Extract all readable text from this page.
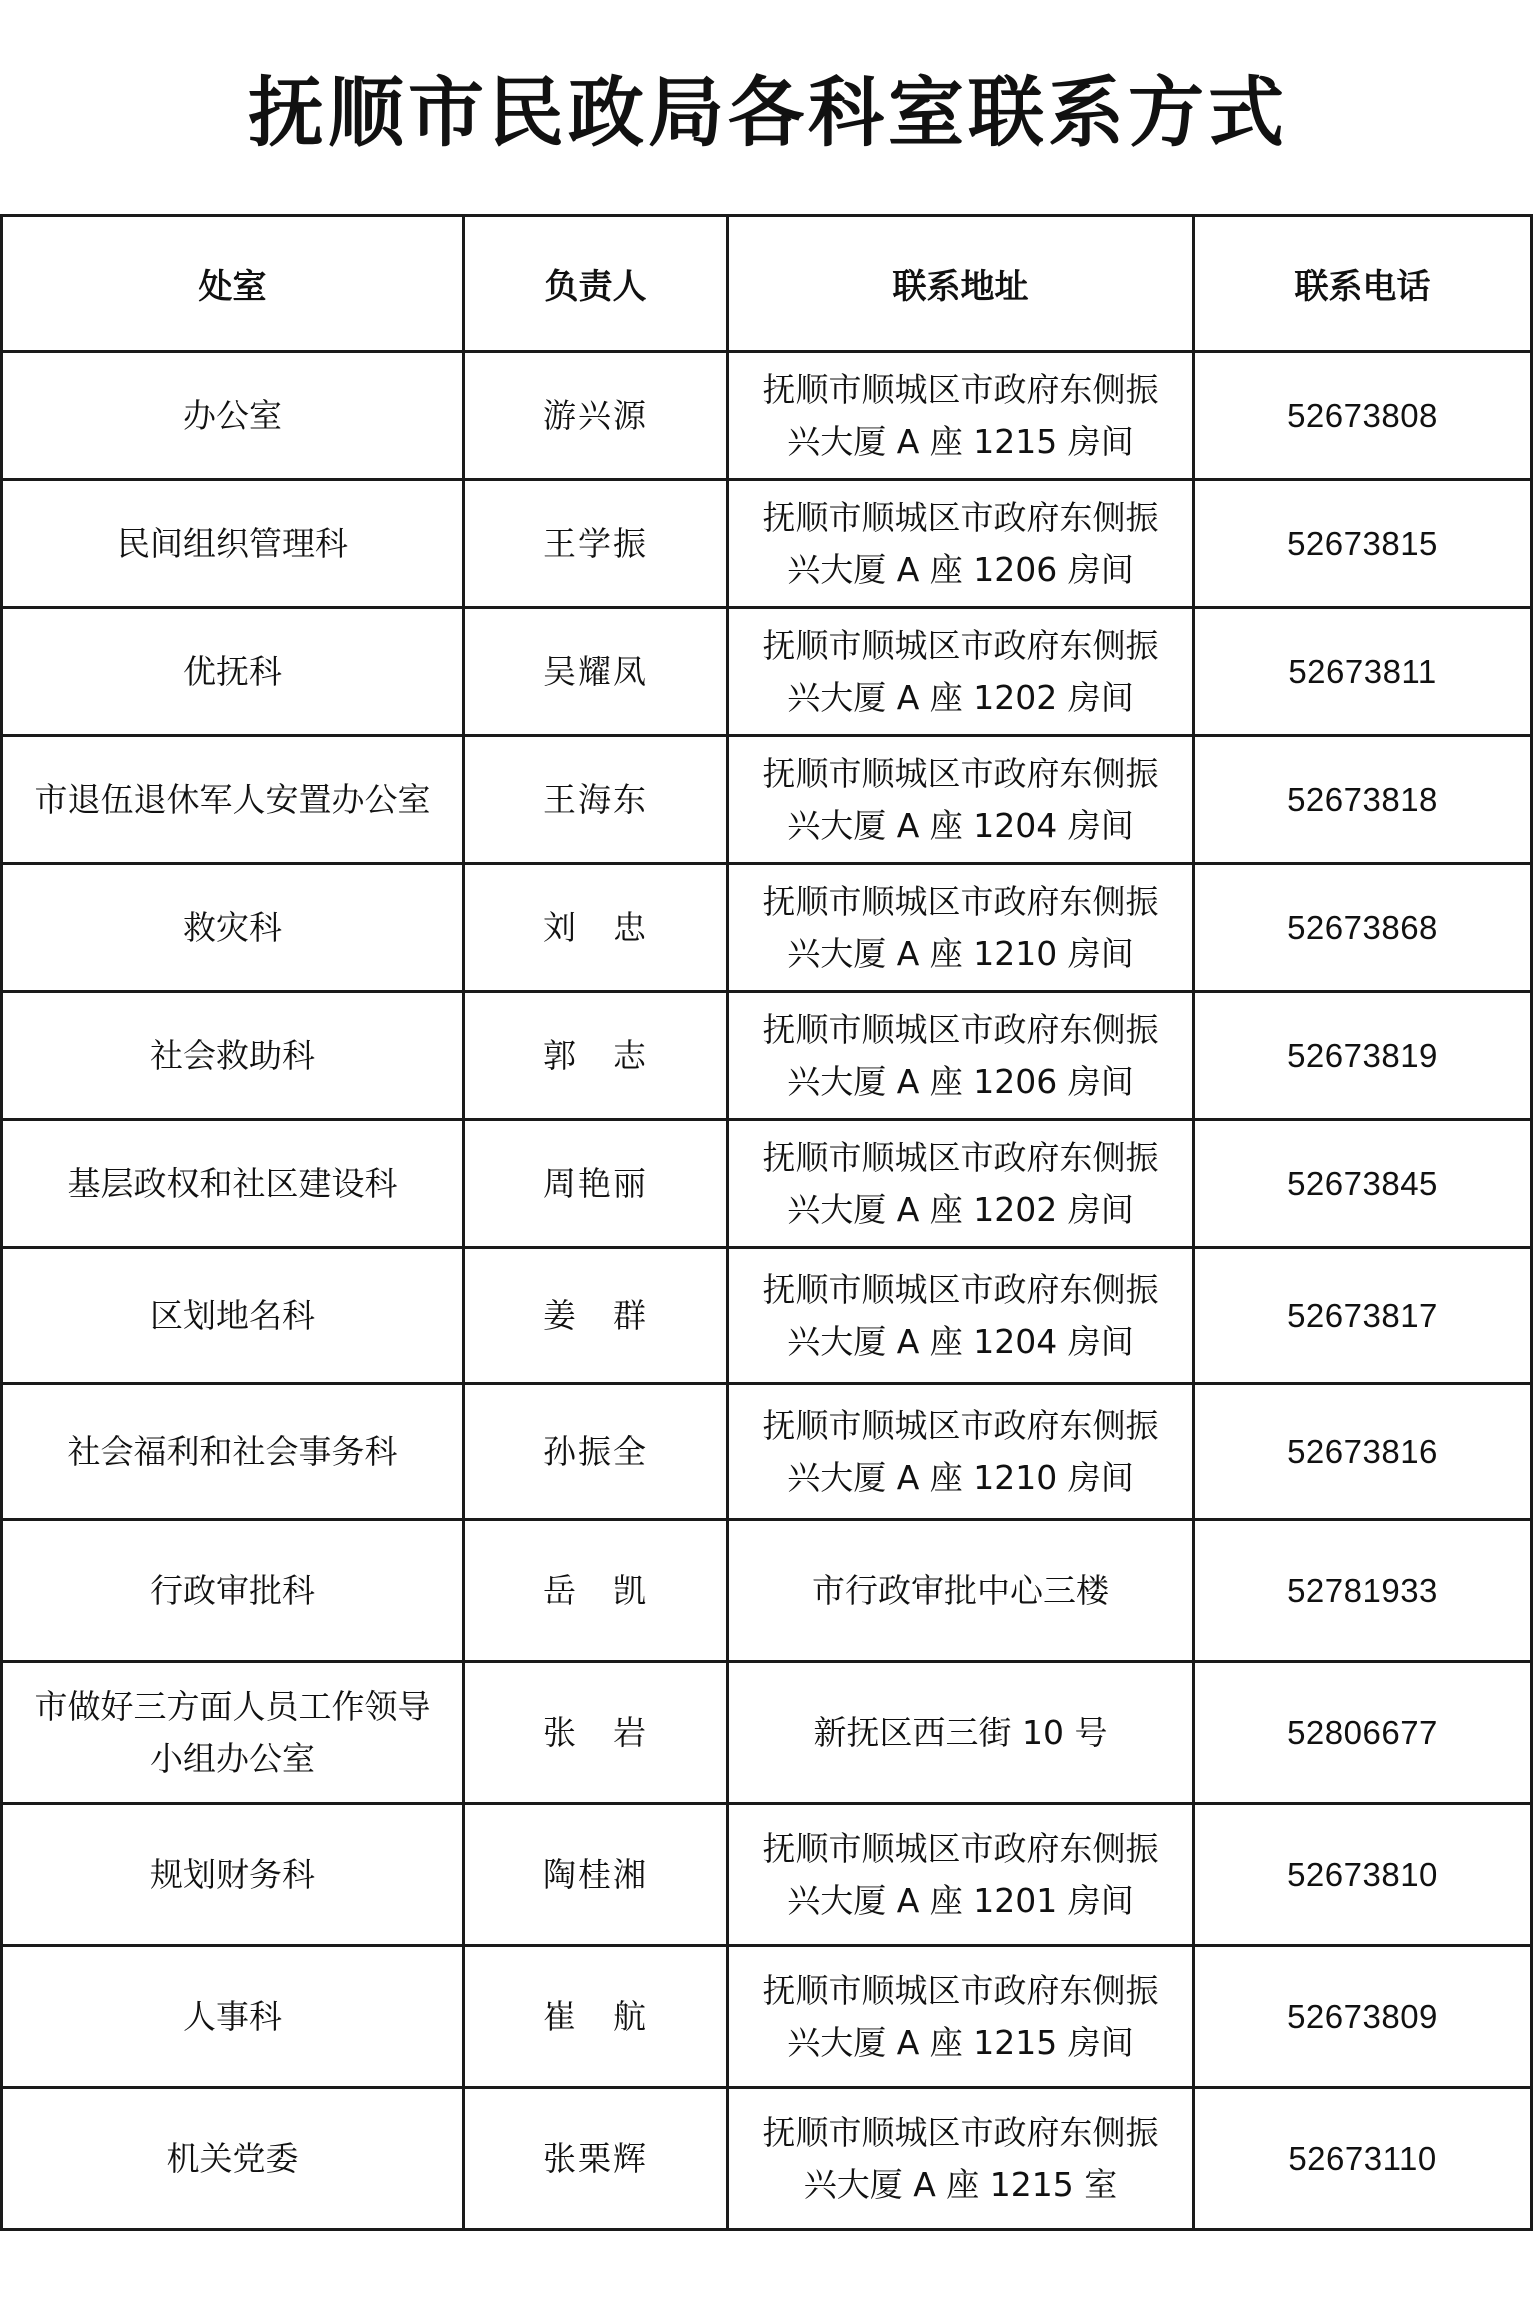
抚顺市民政局各科室联系方式
处室	负责人	联系地址	联系电话
办公室	游兴源	抚顺市顺城区市政府东侧振
兴大厦 A 座 1215 房间	52673808
民间组织管理科	王学振	抚顺市顺城区市政府东侧振
兴大厦 A 座 1206 房间	52673815
优抚科	吴耀凤	抚顺市顺城区市政府东侧振
兴大厦 A 座 1202 房间	52673811
市退伍退休军人安置办公室	王海东	抚顺市顺城区市政府东侧振
兴大厦 A 座 1204 房间	52673818
救灾科	刘　忠	抚顺市顺城区市政府东侧振
兴大厦 A 座 1210 房间	52673868
社会救助科	郭　志	抚顺市顺城区市政府东侧振
兴大厦 A 座 1206 房间	52673819
基层政权和社区建设科	周艳丽	抚顺市顺城区市政府东侧振
兴大厦 A 座 1202 房间	52673845
区划地名科	姜　群	抚顺市顺城区市政府东侧振
兴大厦 A 座 1204 房间	52673817
社会福利和社会事务科	孙振全	抚顺市顺城区市政府东侧振
兴大厦 A 座 1210 房间	52673816
行政审批科	岳　凯	市行政审批中心三楼	52781933

市做好三方面人员工作领导
小组办公室	张　岩	新抚区西三街 10 号	52806677
规划财务科	陶桂湘	抚顺市顺城区市政府东侧振
兴大厦 A 座 1201 房间	52673810
人事科	崔　航	抚顺市顺城区市政府东侧振
兴大厦 A 座 1215 房间	52673809
机关党委	张栗辉	抚顺市顺城区市政府东侧振
兴大厦 A 座 1215 室	52673110
